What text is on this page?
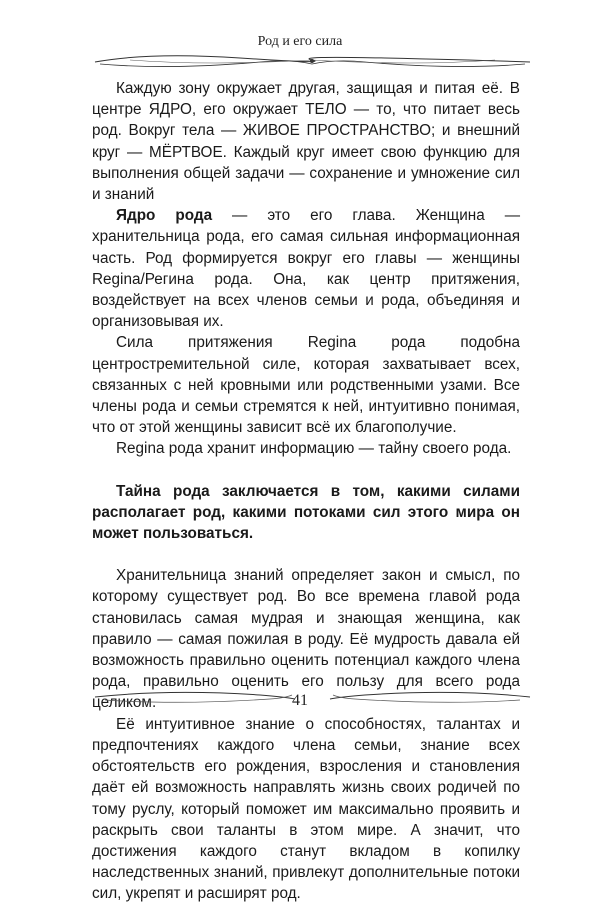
Род и его сила

Каждую зону окружает другая, защищая и питая её. В центре ЯДРО, его окружает ТЕЛО — то, что питает весь род. Вокруг тела — ЖИВОЕ ПРОСТРАНСТВО; и внешний круг — МЁРТВОЕ. Каждый круг имеет свою функцию для выполнения общей задачи — сохранение и умножение сил и знаний

Ядро рода — это его глава. Женщина — хранительница рода, его самая сильная информационная часть. Род формируется вокруг его главы — женщины Regina/Регина рода. Она, как центр притяжения, воздействует на всех членов семьи и рода, объединяя и организовывая их.

Сила притяжения Regina рода подобна центростремительной силе, которая захватывает всех, связанных с ней кровными или родственными узами. Все члены рода и семьи стремятся к ней, интуитивно понимая, что от этой женщины зависит всё их благополучие.

Regina рода хранит информацию — тайну своего рода.

Тайна рода заключается в том, какими силами располагает род, какими потоками сил этого мира он может пользоваться.

Хранительница знаний определяет закон и смысл, по которому существует род. Во все времена главой рода становилась самая мудрая и знающая женщина, как правило — самая пожилая в роду. Её мудрость давала ей возможность правильно оценить потенциал каждого члена рода, правильно оценить его пользу для всего рода целиком.

Её интуитивное знание о способностях, талантах и предпочтениях каждого члена семьи, знание всех обстоятельств его рождения, взросления и становления даёт ей возможность направлять жизнь своих родичей по тому руслу, который поможет им максимально проявить и раскрыть свои таланты в этом мире. А значит, что достижения каждого станут вкладом в копилку наследственных знаний, привлекут дополнительные потоки сил, укрепят и расширят род.

41
